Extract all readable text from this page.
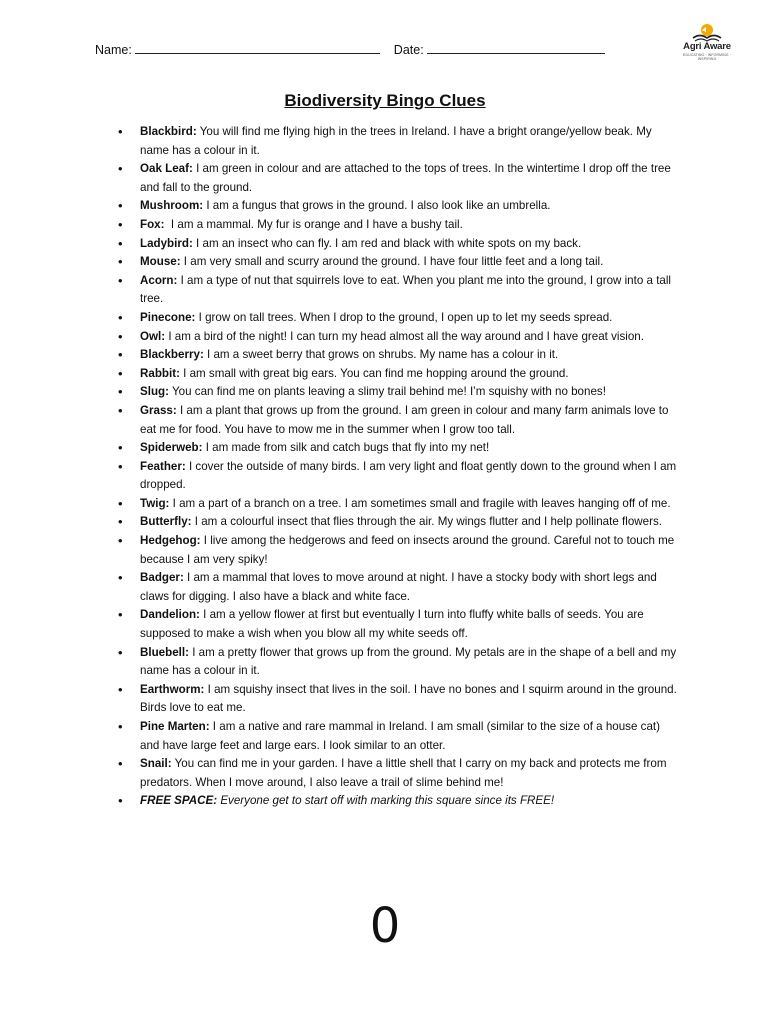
Name:	Date:	Agri Aware
EDUCATING · INFORMING · INSPIRING
Biodiversity Bingo Clues
• Blackbird: You will find me flying high in the trees in Ireland. I have a bright orange/yellow beak. My name has a colour in it.
• Oak Leaf: I am green in colour and are attached to the tops of trees. In the wintertime I drop off the tree and fall to the ground.
• Mushroom: I am a fungus that grows in the ground. I also look like an umbrella.
• Fox:  I am a mammal. My fur is orange and I have a bushy tail.
• Ladybird: I am an insect who can fly. I am red and black with white spots on my back.
• Mouse: I am very small and scurry around the ground. I have four little feet and a long tail.
• Acorn: I am a type of nut that squirrels love to eat. When you plant me into the ground, I grow into a tall tree.
• Pinecone: I grow on tall trees. When I drop to the ground, I open up to let my seeds spread.
• Owl: I am a bird of the night! I can turn my head almost all the way around and I have great vision.
• Blackberry: I am a sweet berry that grows on shrubs. My name has a colour in it.
• Rabbit: I am small with great big ears. You can find me hopping around the ground.
• Slug: You can find me on plants leaving a slimy trail behind me! I’m squishy with no bones!
• Grass: I am a plant that grows up from the ground. I am green in colour and many farm animals love to eat me for food. You have to mow me in the summer when I grow too tall.
• Spiderweb: I am made from silk and catch bugs that fly into my net!
• Feather: I cover the outside of many birds. I am very light and float gently down to the ground when I am dropped.
• Twig: I am a part of a branch on a tree. I am sometimes small and fragile with leaves hanging off of me.
• Butterfly: I am a colourful insect that flies through the air. My wings flutter and I help pollinate flowers.
• Hedgehog: I live among the hedgerows and feed on insects around the ground. Careful not to touch me because I am very spiky!
• Badger: I am a mammal that loves to move around at night. I have a stocky body with short legs and claws for digging. I also have a black and white face.
• Dandelion: I am a yellow flower at first but eventually I turn into fluffy white balls of seeds. You are supposed to make a wish when you blow all my white seeds off.
• Bluebell: I am a pretty flower that grows up from the ground. My petals are in the shape of a bell and my name has a colour in it.
• Earthworm: I am squishy insect that lives in the soil. I have no bones and I squirm around in the ground. Birds love to eat me.
• Pine Marten: I am a native and rare mammal in Ireland. I am small (similar to the size of a house cat) and have large feet and large ears. I look similar to an otter.
• Snail: You can find me in your garden. I have a little shell that I carry on my back and protects me from predators. When I move around, I also leave a trail of slime behind me!
• FREE SPACE: Everyone get to start off with marking this square since its FREE!
0
